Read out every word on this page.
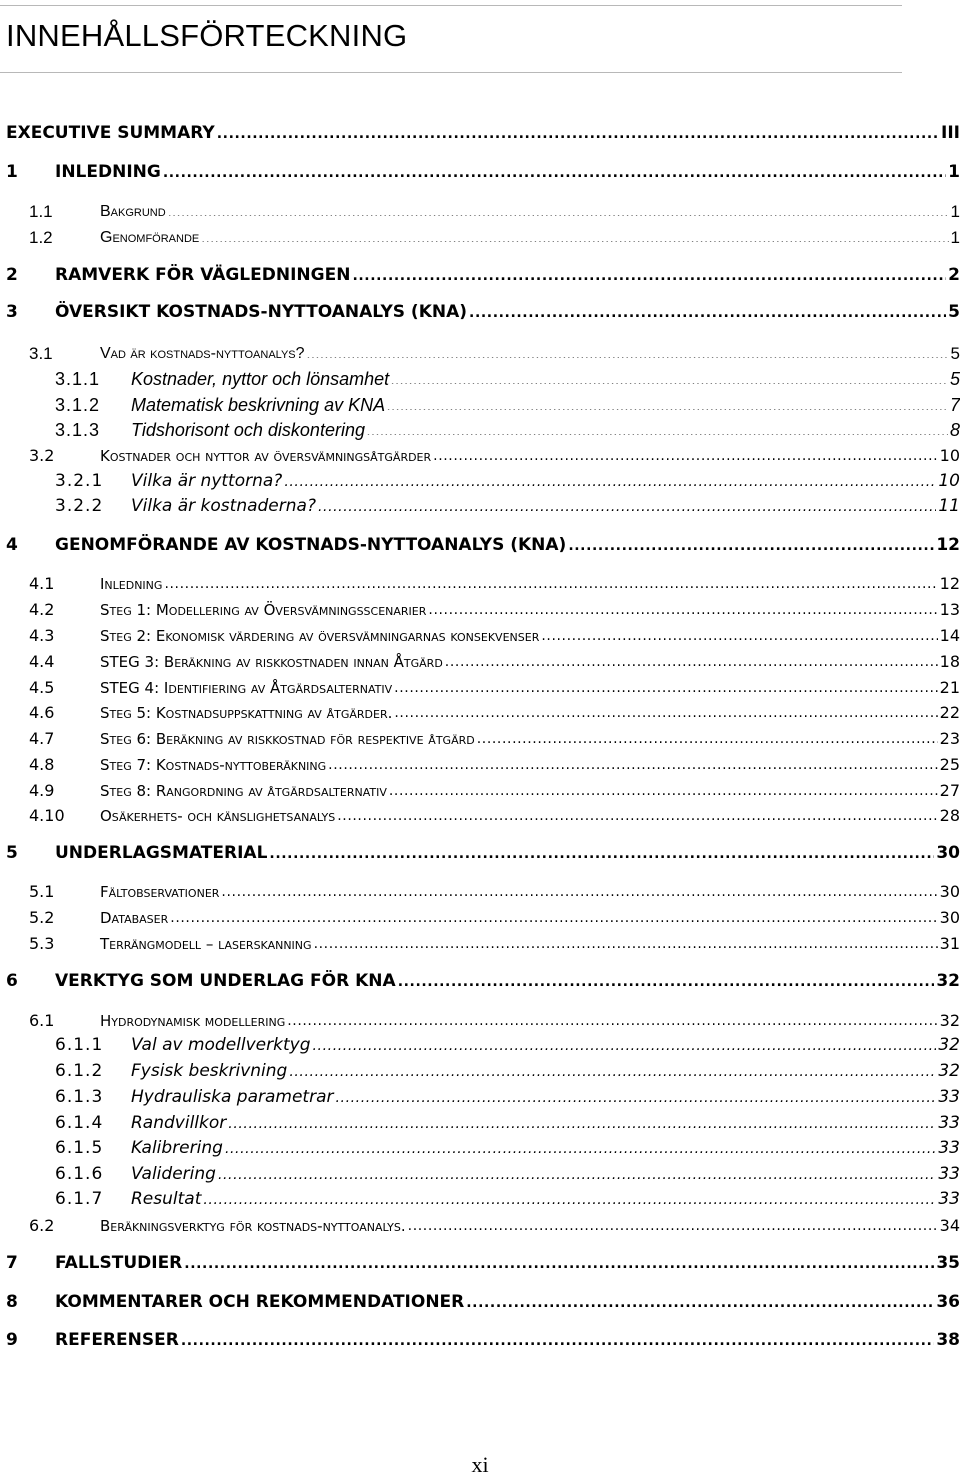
INNEHÅLLSFÖRTECKNING
EXECUTIVE SUMMARY .....	III
1	INLEDNING .....	1
1.1	Bakgrund .....	1
1.2	Genomförande .....	1
2	RAMVERK FÖR VÄGLEDNINGEN .....	2
3	ÖVERSIKT KOSTNADS-NYTTOANALYS (KNA) .....	5
3.1	Vad är kostnads-nyttoanalys? .....	5
3.1.1	Kostnader, nyttor och lönsamhet .....	5
3.1.2	Matematisk beskrivning av KNA .....	7
3.1.3	Tidshorisont och diskontering .....	8
3.2	Kostnader och nyttor av översvämningsåtgärder .....	10
3.2.1	Vilka är nyttorna? .....	10
3.2.2	Vilka är kostnaderna? .....	11
4	GENOMFÖRANDE AV KOSTNADS-NYTTOANALYS (KNA) .....	12
4.1	Inledning .....	12
4.2	Steg 1: Modellering av Översvämningsscenarier .....	13
4.3	Steg 2: Ekonomisk värdering av översvämningarnas konsekvenser .....	14
4.4	STEG 3: Beräkning av riskkostnaden innan Åtgärd .....	18
4.5	STEG 4: Identifiering av Åtgärdsalternativ .....	21
4.6	Steg 5: Kostnadsuppskattning av åtgärder. .....	22
4.7	Steg 6: Beräkning av riskkostnad för respektive åtgärd .....	23
4.8	Steg 7: Kostnads-nyttoberäkning .....	25
4.9	Steg 8: Rangordning av åtgärdsalternativ .....	27
4.10	Osäkerhets- och känslighetsanalys .....	28
5	UNDERLAGSMATERIAL .....	30
5.1	Fältobservationer .....	30
5.2	Databaser .....	30
5.3	Terrängmodell – laserskanning .....	31
6	VERKTYG SOM UNDERLAG FÖR KNA .....	32
6.1	Hydrodynamisk modellering .....	32
6.1.1	Val av modellverktyg .....	32
6.1.2	Fysisk beskrivning .....	32
6.1.3	Hydrauliska parametrar .....	33
6.1.4	Randvillkor .....	33
6.1.5	Kalibrering .....	33
6.1.6	Validering .....	33
6.1.7	Resultat .....	33
6.2	Beräkningsverktyg för kostnads-nyttoanalys. .....	34
7	FALLSTUDIER .....	35
8	KOMMENTARER OCH REKOMMENDATIONER .....	36
9	REFERENSER .....	38
xi
